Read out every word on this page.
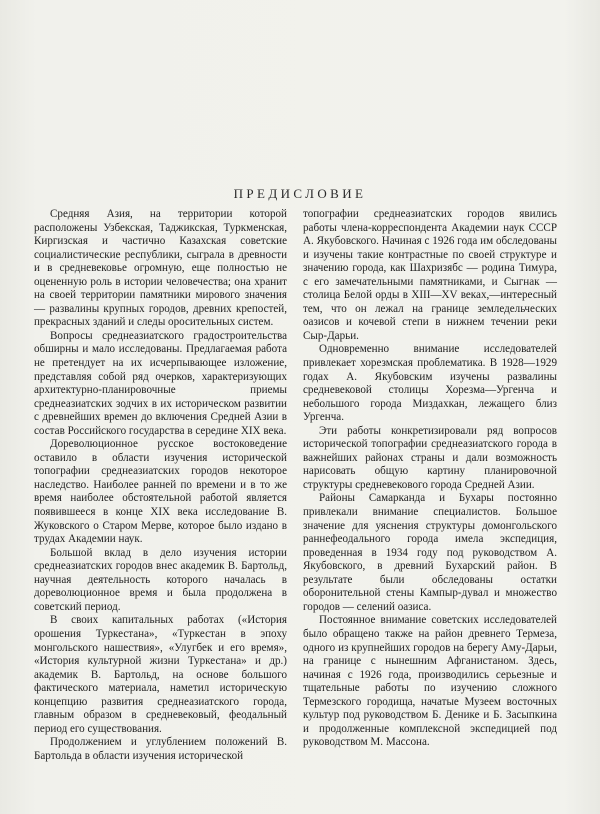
ПРЕДИСЛОВИЕ

Средняя Азия, на территории которой расположены Узбекская, Таджикская, Туркменская, Киргизская и частично Казахская советские социалистические республики, сыграла в древности и в средневековье огромную, еще полностью не оцененную роль в истории человечества; она хранит на своей территории памятники мирового значения — развалины крупных городов, древних крепостей, прекрасных зданий и следы оросительных систем.

Вопросы среднеазиатского градостроительства обширны и мало исследованы. Предлагаемая работа не претендует на их исчерпывающее изложение, представляя собой ряд очерков, характеризующих архитектурно-планировочные приемы среднеазиатских зодчих в их историческом развитии с древнейших времен до включения Средней Азии в состав Российского государства в середине XIX века.

Дореволюционное русское востоковедение оставило в области изучения исторической топографии среднеазиатских городов некоторое наследство. Наиболее ранней по времени и в то же время наиболее обстоятельной работой является появившееся в конце XIX века исследование В. Жуковского о Старом Мерве, которое было издано в трудах Академии наук.

Большой вклад в дело изучения истории среднеазиатских городов внес академик В. Бартольд, научная деятельность которого началась в дореволюционное время и была продолжена в советский период.

В своих капитальных работах («История орошения Туркестана», «Туркестан в эпоху монгольского нашествия», «Улугбек и его время», «История культурной жизни Туркестана» и др.) академик В. Бартольд, на основе большого фактического материала, наметил историческую концепцию развития среднеазиатского города, главным образом в средневековый, феодальный период его существования.

Продолжением и углублением положений В. Бартольда в области изучения исторической

топографии среднеазиатских городов явились работы члена-корреспондента Академии наук СССР А. Якубовского. Начиная с 1926 года им обследованы и изучены такие контрастные по своей структуре и значению города, как Шахризябс — родина Тимура, с его замечательными памятниками, и Сыгнак — столица Белой орды в XIII—XV веках,—интересный тем, что он лежал на границе земледельческих оазисов и кочевой степи в нижнем течении реки Сыр-Дарьи.

Одновременно внимание исследователей привлекает хорезмская проблематика. В 1928—1929 годах А. Якубовским изучены развалины средневековой столицы Хорезма—Ургенча и небольшого города Миздахкан, лежащего близ Ургенча.

Эти работы конкретизировали ряд вопросов исторической топографии среднеазиатского города в важнейших районах страны и дали возможность нарисовать общую картину планировочной структуры средневекового города Средней Азии.

Районы Самарканда и Бухары постоянно привлекали внимание специалистов. Большое значение для уяснения структуры домонгольского раннефеодального города имела экспедиция, проведенная в 1934 году под руководством А. Якубовского, в древний Бухарский район. В результате были обследованы остатки оборонительной стены Кампыр-дувал и множество городов — селений оазиса.

Постоянное внимание советских исследователей было обращено также на район древнего Термеза, одного из крупнейших городов на берегу Аму-Дарьи, на границе с нынешним Афганистаном. Здесь, начиная с 1926 года, производились серьезные и тщательные работы по изучению сложного Термезского городища, начатые Музеем восточных культур под руководством Б. Денике и Б. Засыпкина и продолженные комплексной экспедицией под руководством М. Массона.
